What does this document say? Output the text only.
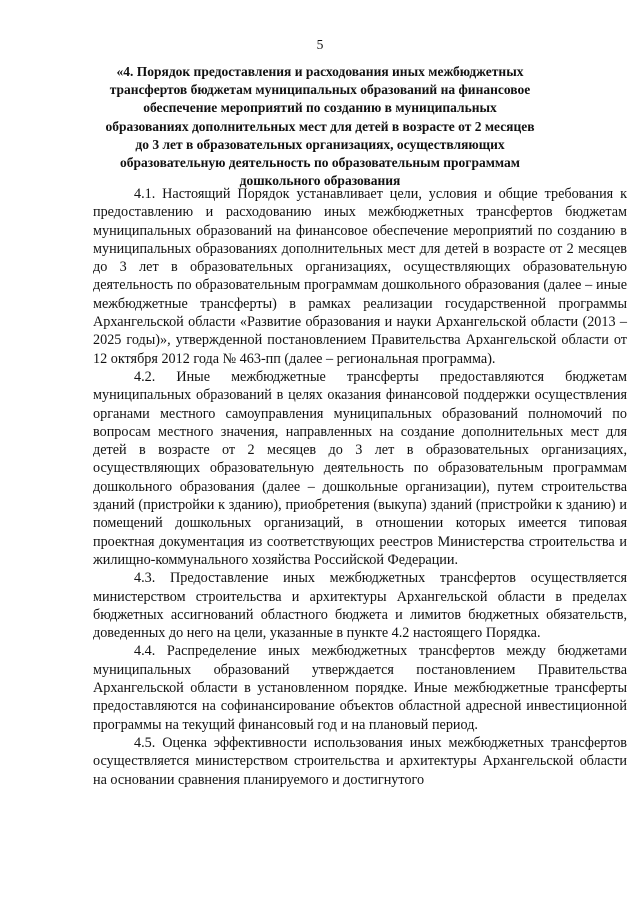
5
«4. Порядок предоставления и расходования иных межбюджетных трансфертов бюджетам муниципальных образований на финансовое обеспечение мероприятий по созданию в муниципальных образованиях дополнительных мест для детей в возрасте от 2 месяцев до 3 лет в образовательных организациях, осуществляющих образовательную деятельность по образовательным программам дошкольного образования

4.1. Настоящий Порядок устанавливает цели, условия и общие требования к предоставлению и расходованию иных межбюджетных трансфертов бюджетам муниципальных образований на финансовое обеспечение мероприятий по созданию в муниципальных образованиях дополнительных мест для детей в возрасте от 2 месяцев до 3 лет в образовательных организациях, осуществляющих образовательную деятельность по образовательным программам дошкольного образования (далее – иные межбюджетные трансферты) в рамках реализации государственной программы Архангельской области «Развитие образования и науки Архангельской области (2013 – 2025 годы)», утвержденной постановлением Правительства Архангельской области от 12 октября 2012 года № 463-пп (далее – региональная программа).

4.2. Иные межбюджетные трансферты предоставляются бюджетам муниципальных образований в целях оказания финансовой поддержки осуществления органами местного самоуправления муниципальных образований полномочий по вопросам местного значения, направленных на создание дополнительных мест для детей в возрасте от 2 месяцев до 3 лет в образовательных организациях, осуществляющих образовательную деятельность по образовательным программам дошкольного образования (далее – дошкольные организации), путем строительства зданий (пристройки к зданию), приобретения (выкупа) зданий (пристройки к зданию) и помещений дошкольных организаций, в отношении которых имеется типовая проектная документация из соответствующих реестров Министерства строительства и жилищно-коммунального хозяйства Российской Федерации.

4.3. Предоставление иных межбюджетных трансфертов осуществляется министерством строительства и архитектуры Архангельской области в пределах бюджетных ассигнований областного бюджета и лимитов бюджетных обязательств, доведенных до него на цели, указанные в пункте 4.2 настоящего Порядка.

4.4. Распределение иных межбюджетных трансфертов между бюджетами муниципальных образований утверждается постановлением Правительства Архангельской области в установленном порядке. Иные межбюджетные трансферты предоставляются на софинансирование объектов областной адресной инвестиционной программы на текущий финансовый год и на плановый период.

4.5. Оценка эффективности использования иных межбюджетных трансфертов осуществляется министерством строительства и архитектуры Архангельской области на основании сравнения планируемого и достигнутого
